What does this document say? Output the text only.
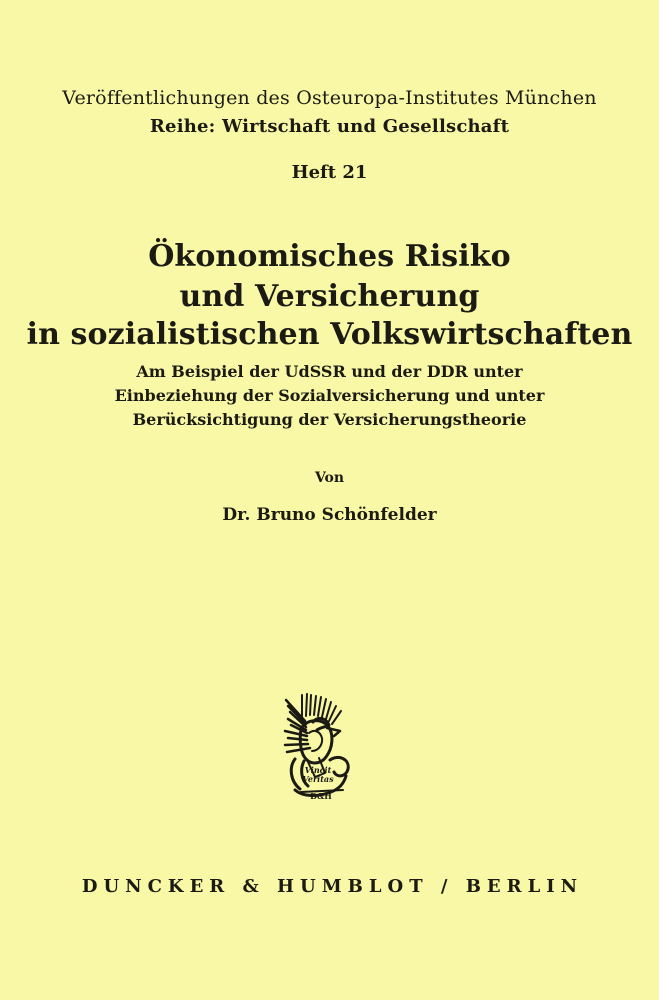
Veröffentlichungen des Osteuropa-Institutes München
Reihe: Wirtschaft und Gesellschaft
Heft 21
Ökonomisches Risiko
und Versicherung
in sozialistischen Volkswirtschaften
Am Beispiel der UdSSR und der DDR unter
Einbeziehung der Sozialversicherung und unter
Berücksichtigung der Versicherungstheorie
Von
Dr. Bruno Schönfelder
Vincit
Veritas
D&H
DUNCKER & HUMBLOT / BERLIN
